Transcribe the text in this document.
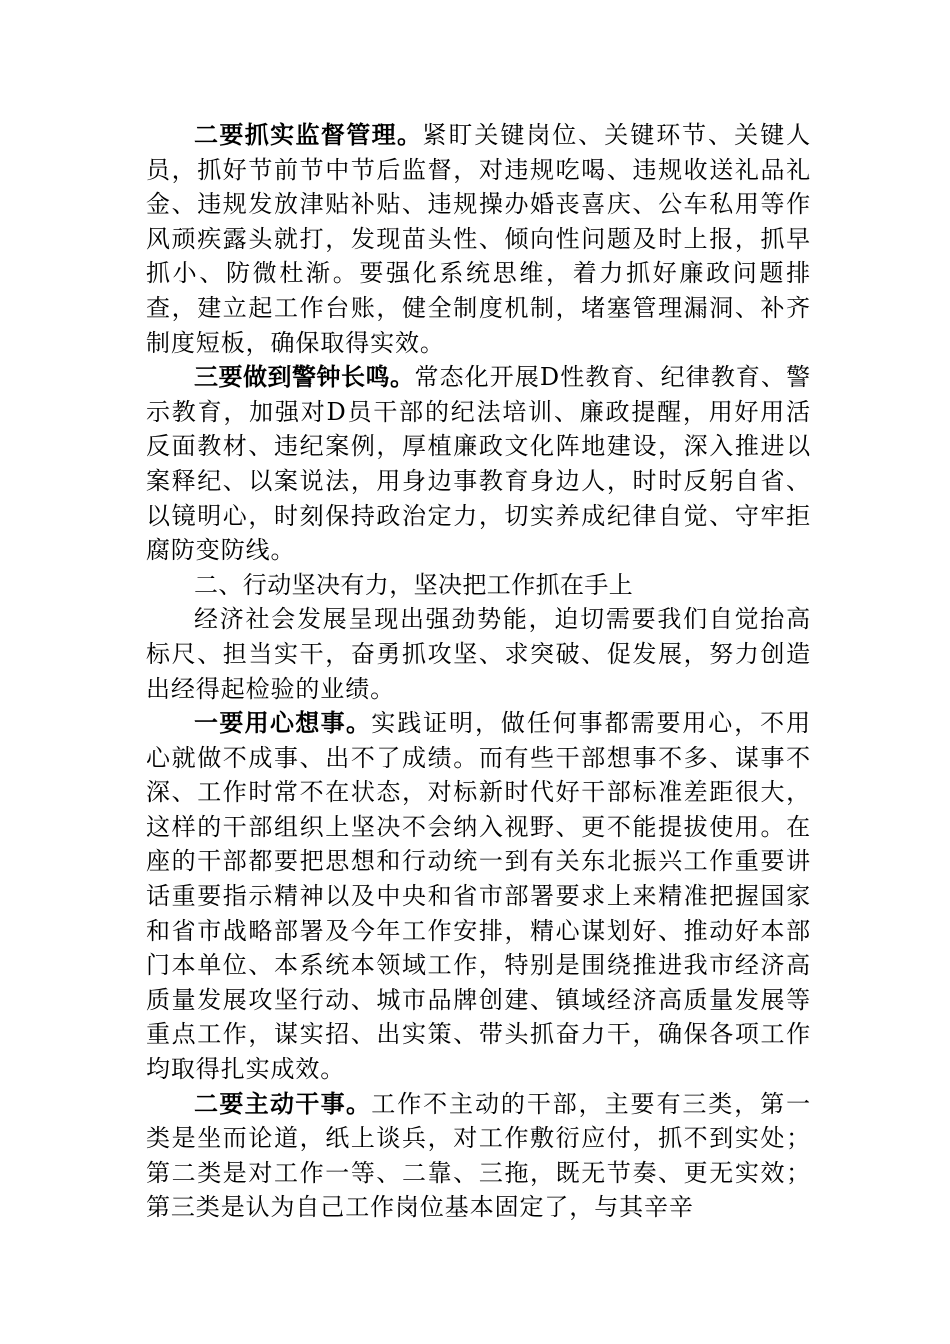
二要抓实监督管理。紧盯关键岗位、关键环节、关键人员，抓好节前节中节后监督，对违规吃喝、违规收送礼品礼金、违规发放津贴补贴、违规操办婚丧喜庆、公车私用等作风顽疾露头就打，发现苗头性、倾向性问题及时上报，抓早抓小、防微杜渐。要强化系统思维，着力抓好廉政问题排查，建立起工作台账，健全制度机制，堵塞管理漏洞、补齐制度短板，确保取得实效。

三要做到警钟长鸣。常态化开展D性教育、纪律教育、警示教育，加强对D员干部的纪法培训、廉政提醒，用好用活反面教材、违纪案例，厚植廉政文化阵地建设，深入推进以案释纪、以案说法，用身边事教育身边人，时时反躬自省、以镜明心，时刻保持政治定力，切实养成纪律自觉、守牢拒腐防变防线。

二、行动坚决有力，坚决把工作抓在手上

经济社会发展呈现出强劲势能，迫切需要我们自觉抬高标尺、担当实干，奋勇抓攻坚、求突破、促发展，努力创造出经得起检验的业绩。

一要用心想事。实践证明，做任何事都需要用心，不用心就做不成事、出不了成绩。而有些干部想事不多、谋事不深、工作时常不在状态，对标新时代好干部标准差距很大，这样的干部组织上坚决不会纳入视野、更不能提拔使用。在座的干部都要把思想和行动统一到有关东北振兴工作重要讲话重要指示精神以及中央和省市部署要求上来精准把握国家和省市战略部署及今年工作安排，精心谋划好、推动好本部门本单位、本系统本领域工作，特别是围绕推进我市经济高质量发展攻坚行动、城市品牌创建、镇域经济高质量发展等重点工作，谋实招、出实策、带头抓奋力干，确保各项工作均取得扎实成效。

二要主动干事。工作不主动的干部，主要有三类，第一类是坐而论道，纸上谈兵，对工作敷衍应付，抓不到实处；第二类是对工作一等、二靠、三拖，既无节奏、更无实效；第三类是认为自己工作岗位基本固定了，与其辛辛
